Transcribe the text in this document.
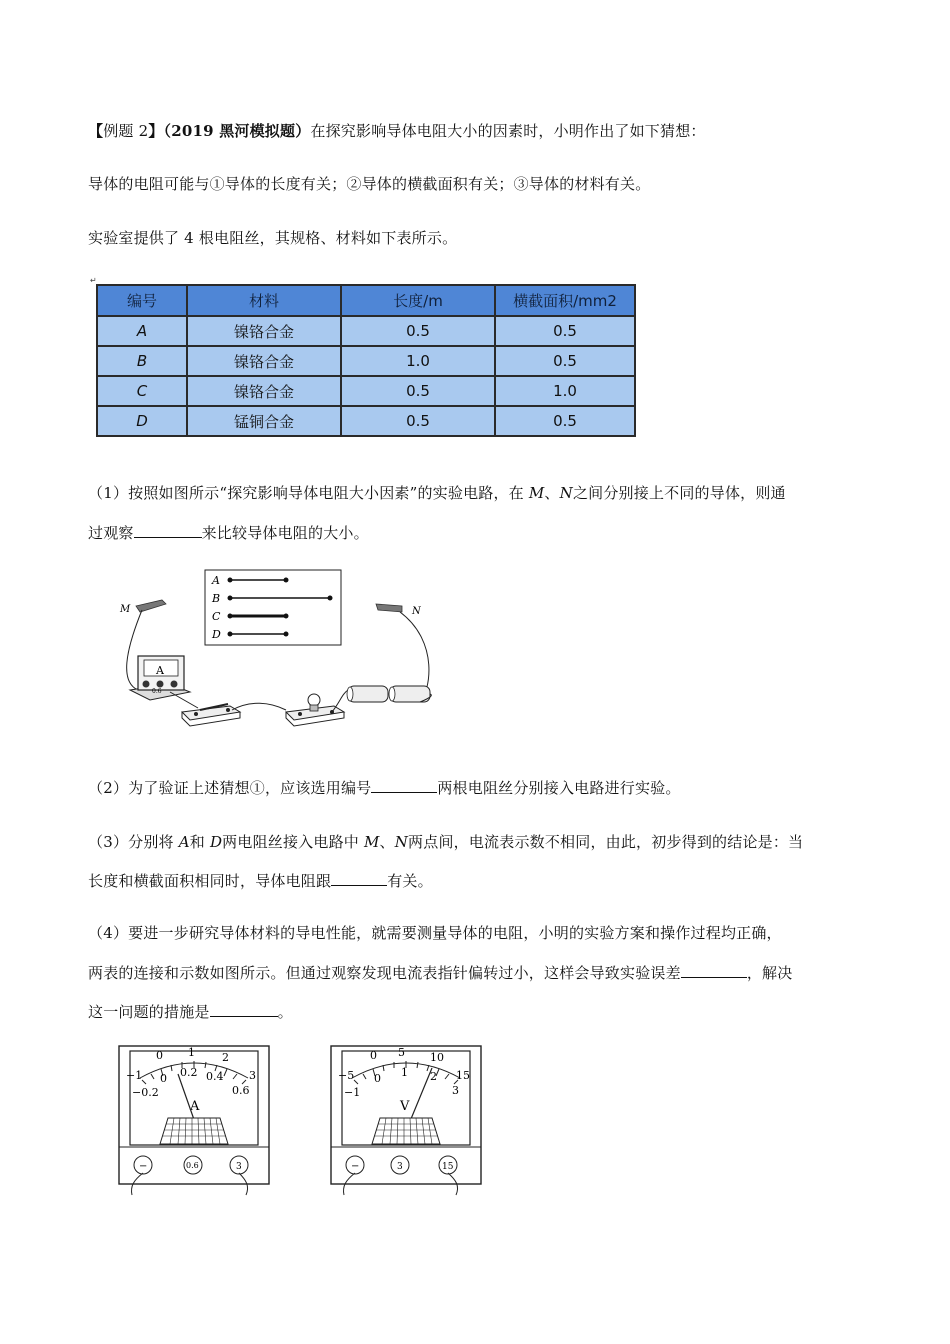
【例题 2】（2019 黑河模拟题）在探究影响导体电阻大小的因素时，小明作出了如下猜想：
导体的电阻可能与①导体的长度有关；②导体的横截面积有关；③导体的材料有关。
实验室提供了 4 根电阻丝，其规格、材料如下表所示。
↵
编号	材料	长度/m	横截面积/mm2
A	镍铬合金	0.5	0.5
B	镍铬合金	1.0	0.5
C	镍铬合金	0.5	1.0
D	锰铜合金	0.5	0.5
（1）按照如图所示“探究影响导体电阻大小因素”的实验电路，在 M、N之间分别接上不同的导体，则通
过观察	来比较导体电阻的大小。
A
B
C
D
M	N
A
0.6
（2）为了验证上述猜想①，应该选用编号	两根电阻丝分别接入电路进行实验。
（3）分别将 A和 D两电阻丝接入电路中 M、N两点间，电流表示数不相同，由此，初步得到的结论是：当
长度和横截面积相同时，导体电阻跟	有关。
（4）要进一步研究导体材料的导电性能，就需要测量导体的电阻，小明的实验方案和操作过程均正确，
两表的连接和示数如图所示。但通过观察发现电流表指针偏转过小，这样会导致实验误差	，解决
这一问题的措施是	。
0 1 2
3
−1 0 0.2 0.4
0.6
−0.2
A
−	0.6	3
0 5 10
15
−5 0 1 2
3
−1
V
−	3	15
